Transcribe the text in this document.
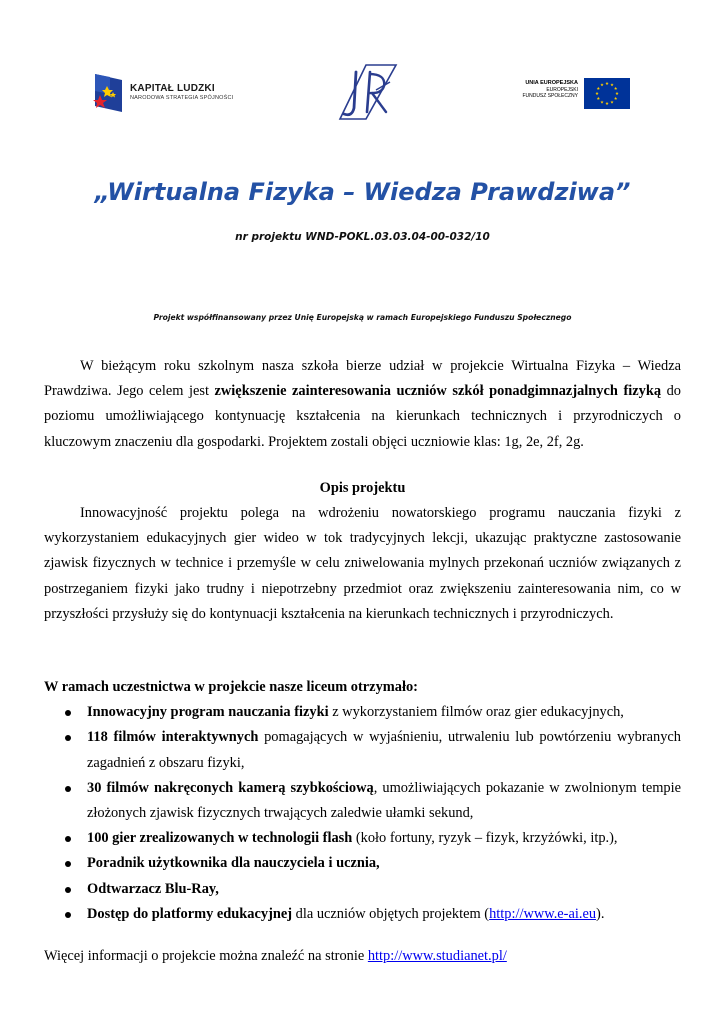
KAPITAŁ LUDZKI
NARODOWA STRATEGIA SPÓJNOŚCI
UNIA EUROPEJSKA
EUROPEJSKI
FUNDUSZ SPOŁECZNY
„Wirtualna Fizyka – Wiedza Prawdziwa”
nr projektu WND-POKL.03.03.04-00-032/10
Projekt współfinansowany przez Unię Europejską w ramach Europejskiego Funduszu Społecznego

W bieżącym roku szkolnym nasza szkoła bierze udział w projekcie Wirtualna Fizyka – Wiedza Prawdziwa. Jego celem jest zwiększenie zainteresowania uczniów szkół ponadgimnazjalnych fizyką do poziomu umożliwiającego kontynuację kształcenia na kierunkach technicznych i przyrodniczych o kluczowym znaczeniu dla gospodarki. Projektem zostali objęci uczniowie klas: 1g, 2e, 2f, 2g.

Opis projektu

Innowacyjność projektu polega na wdrożeniu nowatorskiego programu nauczania fizyki z wykorzystaniem edukacyjnych gier wideo w tok tradycyjnych lekcji, ukazując praktyczne zastosowanie zjawisk fizycznych w technice i przemyśle w celu zniwelowania mylnych przekonań uczniów związanych z postrzeganiem fizyki jako trudny i niepotrzebny przedmiot oraz zwiększeniu zainteresowania nim, co w przyszłości przysłuży się do kontynuacji kształcenia na kierunkach technicznych i przyrodniczych.

W ramach uczestnictwa w projekcie nasze liceum otrzymało:

Innowacyjny program nauczania fizyki z wykorzystaniem filmów oraz gier edukacyjnych,
118 filmów interaktywnych pomagających w wyjaśnieniu, utrwaleniu lub powtórzeniu wybranych zagadnień z obszaru fizyki,
30 filmów nakręconych kamerą szybkościową, umożliwiających pokazanie w zwolnionym tempie złożonych zjawisk fizycznych trwających zaledwie ułamki sekund,
100 gier zrealizowanych w technologii flash (koło fortuny, ryzyk – fizyk, krzyżówki, itp.),
Poradnik użytkownika dla nauczyciela i ucznia,
Odtwarzacz Blu-Ray,
Dostęp do platformy edukacyjnej dla uczniów objętych projektem (http://www.e-ai.eu).

Więcej informacji o projekcie można znaleźć na stronie http://www.studianet.pl/
